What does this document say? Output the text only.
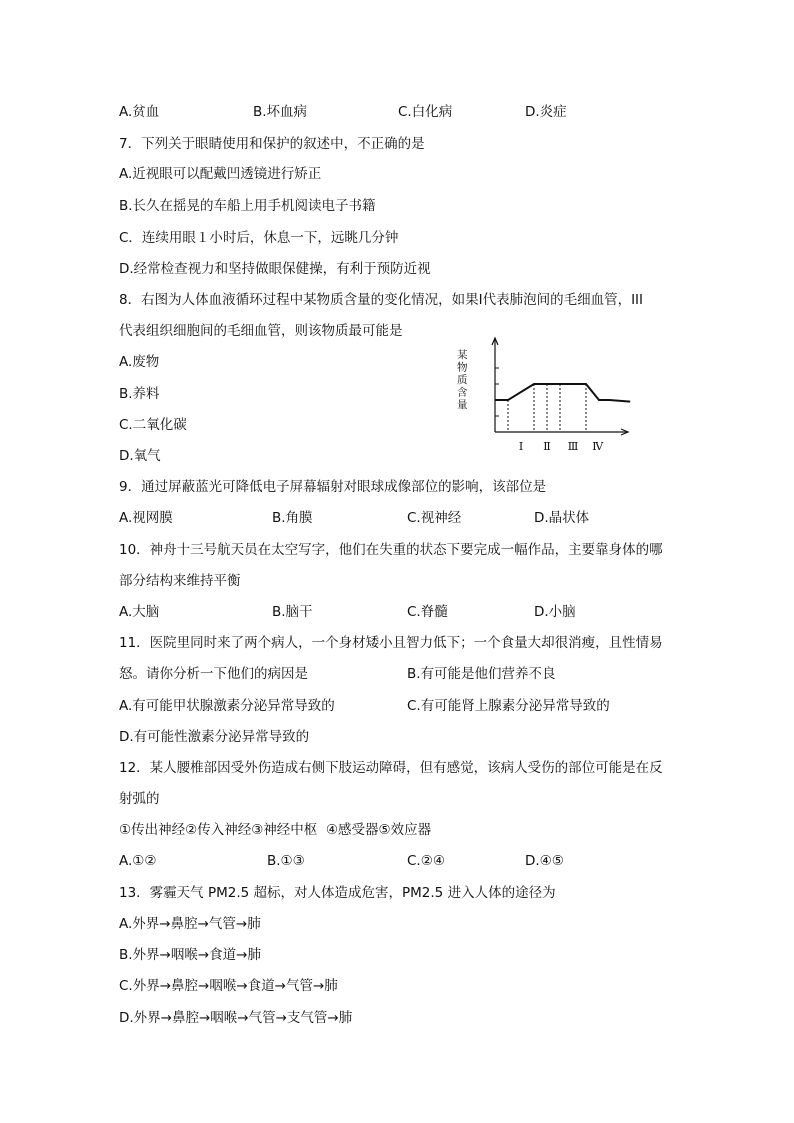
A.贫血	B.坏血病	C.白化病	D.炎症
7．下列关于眼睛使用和保护的叙述中，不正确的是
A.近视眼可以配戴凹透镜进行矫正
B.长久在摇晃的车船上用手机阅读电子书籍
C．连续用眼１小时后，休息一下，远眺几分钟
D.经常检查视力和坚持做眼保健操，有利于预防近视
8．右图为人体血液循环过程中某物质含量的变化情况，如果Ⅰ代表肺泡间的毛细血管，III
代表组织细胞间的毛细血管，则该物质最可能是
A.废物
B.养料
C.二氧化碳
D.氧气
某物质含量
Ⅰ Ⅱ Ⅲ Ⅳ
9．通过屏蔽蓝光可降低电子屏幕辐射对眼球成像部位的影响，该部位是
A.视网膜	B.角膜	C.视神经	D.晶状体
10．神舟十三号航天员在太空写字，他们在失重的状态下要完成一幅作品，主要靠身体的哪
部分结构来维持平衡
A.大脑	B.脑干	C.脊髓	D.小脑
11．医院里同时来了两个病人，一个身材矮小且智力低下；一个食量大却很消瘦，且性情易
怒。请你分析一下他们的病因是	B.有可能是他们营养不良
A.有可能甲状腺激素分泌异常导致的	C.有可能肾上腺素分泌异常导致的
D.有可能性激素分泌异常导致的
12．某人腰椎部因受外伤造成右侧下肢运动障碍，但有感觉，该病人受伤的部位可能是在反
射弧的
①传出神经②传入神经③神经中枢  ④感受器⑤效应器
A.①②	B.①③	C.②④	D.④⑤
13．雾霾天气 PM2.5 超标，对人体造成危害，PM2.5 进入人体的途径为
A.外界→鼻腔→气管→肺
B.外界→咽喉→食道→肺
C.外界→鼻腔→咽喉→食道→气管→肺
D.外界→鼻腔→咽喉→气管→支气管→肺
